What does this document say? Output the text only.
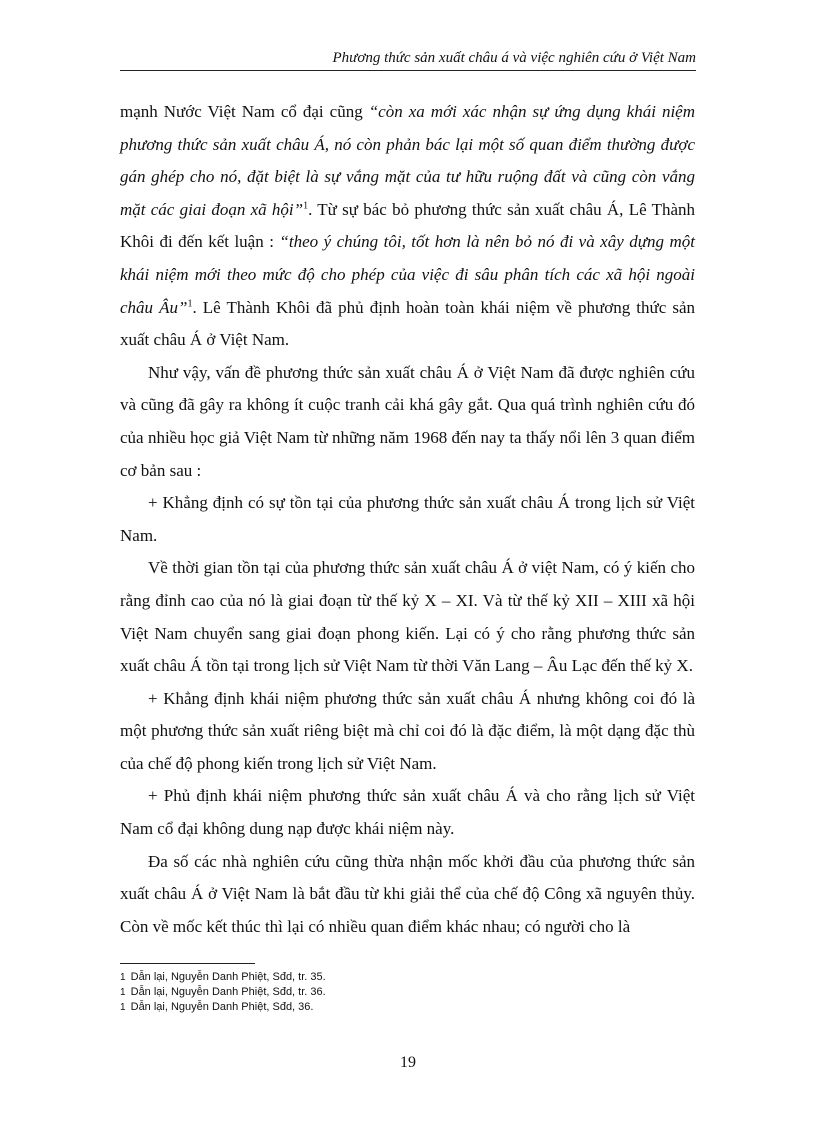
Phương thức sản xuất châu á và việc nghiên cứu ở Việt Nam

mạnh Nước Việt Nam cổ đại cũng “còn xa mới xác nhận sự ứng dụng khái niệm phương thức sản xuất châu Á, nó còn phản bác lại một số quan điểm thường được gán ghép cho nó, đặt biệt là sự vắng mặt của tư hữu ruộng đất và cũng còn vắng mặt các giai đoạn xã hội”$^1$. Từ sự bác bỏ phương thức sản xuất châu Á, Lê Thành Khôi đi đến kết luận : “theo ý chúng tôi, tốt hơn là nên bỏ nó đi và xây dựng một khái niệm mới theo mức độ cho phép của việc đi sâu phân tích các xã hội ngoài châu Âu”$^1$. Lê Thành Khôi đã phủ định hoàn toàn khái niệm về phương thức sản xuất châu Á ở Việt Nam.

Như vậy, vấn đề phương thức sản xuất châu Á ở Việt Nam đã được nghiên cứu và cũng đã gây ra không ít cuộc tranh cải khá gây gắt. Qua quá trình nghiên cứu đó của nhiều học giả Việt Nam từ những năm 1968 đến nay ta thấy nổi lên 3 quan điểm cơ bản sau :

+ Khẳng định có sự tồn tại của phương thức sản xuất châu Á trong lịch sử Việt Nam.

Về thời gian tồn tại của phương thức sản xuất châu Á ở việt Nam, có ý kiến cho rằng đỉnh cao của nó là giai đoạn từ thế kỷ X – XI. Và từ thế kỷ XII – XIII xã hội Việt Nam chuyển sang giai đoạn phong kiến. Lại có ý cho rằng phương thức sản xuất châu Á tồn tại trong lịch sử Việt Nam từ thời Văn Lang – Âu Lạc đến thế kỷ X.

+ Khẳng định khái niệm phương thức sản xuất châu Á nhưng không coi đó là một phương thức sản xuất riêng biệt mà chỉ coi đó là đặc điểm, là một dạng đặc thù của chế độ phong kiến trong lịch sử Việt Nam.

+ Phủ định khái niệm phương thức sản xuất châu Á và cho rằng lịch sử Việt Nam cổ đại không dung nạp được khái niệm này.

Đa số các nhà nghiên cứu cũng thừa nhận mốc khởi đầu của phương thức sản xuất châu Á ở Việt Nam là bắt đầu từ khi giải thể của chế độ Công xã nguyên thủy. Còn về mốc kết thúc thì lại có nhiều quan điểm khác nhau; có người cho là

1 Dẫn lại, Nguyễn Danh Phiệt, Sđd, tr. 35.
1 Dẫn lại, Nguyễn Danh Phiệt, Sđd, tr. 36.
1 Dẫn lại, Nguyễn Danh Phiệt, Sđd, 36.
19
